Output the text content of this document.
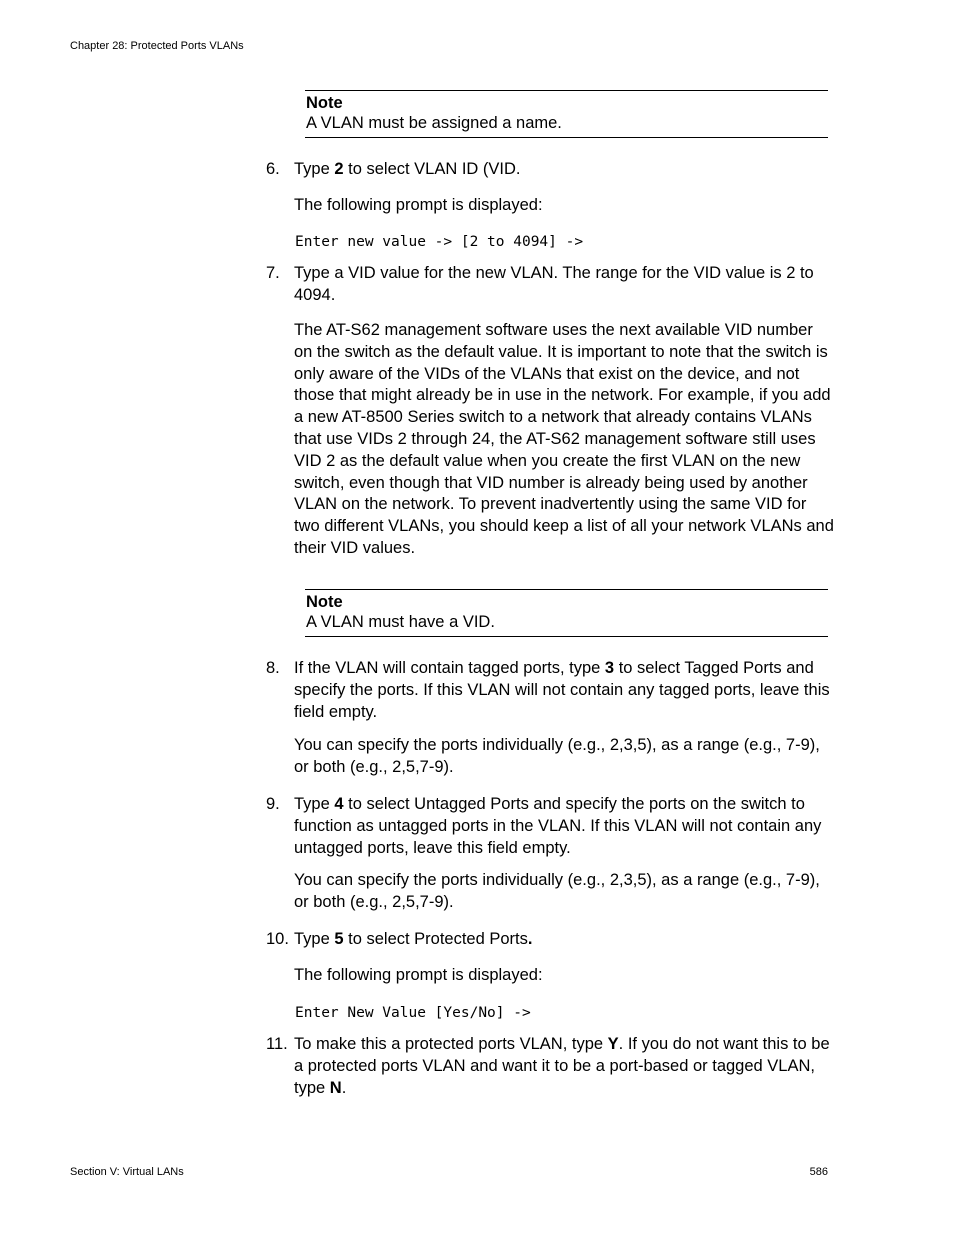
Chapter 28: Protected Ports VLANs
Note
A VLAN must be assigned a name.
6. Type 2 to select VLAN ID (VID.
The following prompt is displayed:
Enter new value -> [2 to 4094] ->
7. Type a VID value for the new VLAN. The range for the VID value is 2 to 4094.
The AT-S62 management software uses the next available VID number on the switch as the default value. It is important to note that the switch is only aware of the VIDs of the VLANs that exist on the device, and not those that might already be in use in the network. For example, if you add a new AT-8500 Series switch to a network that already contains VLANs that use VIDs 2 through 24, the AT-S62 management software still uses VID 2 as the default value when you create the first VLAN on the new switch, even though that VID number is already being used by another VLAN on the network. To prevent inadvertently using the same VID for two different VLANs, you should keep a list of all your network VLANs and their VID values.
Note
A VLAN must have a VID.
8. If the VLAN will contain tagged ports, type 3 to select Tagged Ports and specify the ports. If this VLAN will not contain any tagged ports, leave this field empty.
You can specify the ports individually (e.g., 2,3,5), as a range (e.g., 7-9), or both (e.g., 2,5,7-9).
9. Type 4 to select Untagged Ports and specify the ports on the switch to function as untagged ports in the VLAN. If this VLAN will not contain any untagged ports, leave this field empty.
You can specify the ports individually (e.g., 2,3,5), as a range (e.g., 7-9), or both (e.g., 2,5,7-9).
10. Type 5 to select Protected Ports.
The following prompt is displayed:
Enter New Value [Yes/No] ->
11. To make this a protected ports VLAN, type Y. If you do not want this to be a protected ports VLAN and want it to be a port-based or tagged VLAN, type N.
Section V: Virtual LANs	586
